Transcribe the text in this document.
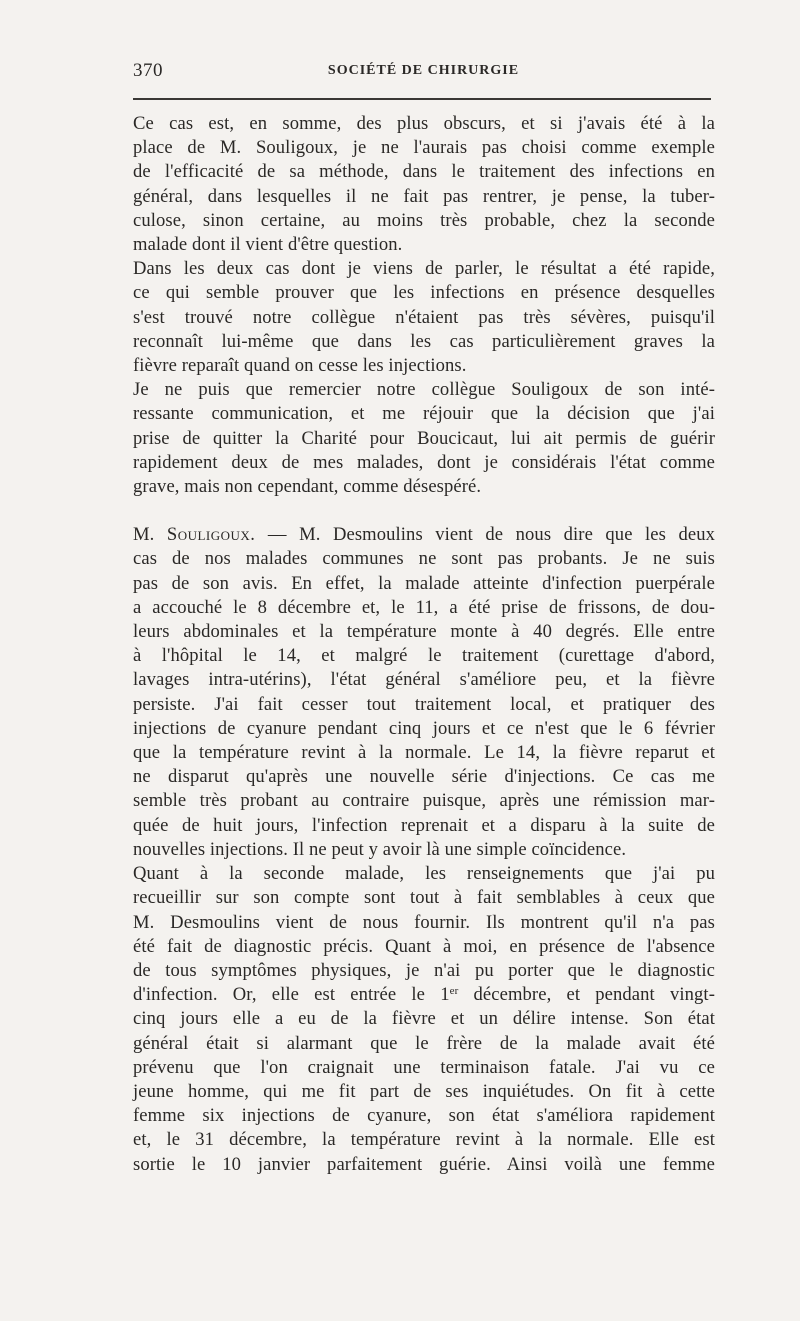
370	SOCIÉTÉ DE CHIRURGIE

Ce cas est, en somme, des plus obscurs, et si j'avais été à la
place de M. Souligoux, je ne l'aurais pas choisi comme exemple
de l'efficacité de sa méthode, dans le traitement des infections en
général, dans lesquelles il ne fait pas rentrer, je pense, la tuber-
culose, sinon certaine, au moins très probable, chez la seconde
malade dont il vient d'être question.

Dans les deux cas dont je viens de parler, le résultat a été rapide,
ce qui semble prouver que les infections en présence desquelles
s'est trouvé notre collègue n'étaient pas très sévères, puisqu'il
reconnaît lui-même que dans les cas particulièrement graves la
fièvre reparaît quand on cesse les injections.

Je ne puis que remercier notre collègue Souligoux de son inté-
ressante communication, et me réjouir que la décision que j'ai
prise de quitter la Charité pour Boucicaut, lui ait permis de guérir
rapidement deux de mes malades, dont je considérais l'état comme
grave, mais non cependant, comme désespéré.

M. Souligoux. — M. Desmoulins vient de nous dire que les deux
cas de nos malades communes ne sont pas probants. Je ne suis
pas de son avis. En effet, la malade atteinte d'infection puerpérale
a accouché le 8 décembre et, le 11, a été prise de frissons, de dou-
leurs abdominales et la température monte à 40 degrés. Elle entre
à l'hôpital le 14, et malgré le traitement (curettage d'abord,
lavages intra-utérins), l'état général s'améliore peu, et la fièvre
persiste. J'ai fait cesser tout traitement local, et pratiquer des
injections de cyanure pendant cinq jours et ce n'est que le 6 février
que la température revint à la normale. Le 14, la fièvre reparut et
ne disparut qu'après une nouvelle série d'injections. Ce cas me
semble très probant au contraire puisque, après une rémission mar-
quée de huit jours, l'infection reprenait et a disparu à la suite de
nouvelles injections. Il ne peut y avoir là une simple coïncidence.

Quant à la seconde malade, les renseignements que j'ai pu
recueillir sur son compte sont tout à fait semblables à ceux que
M. Desmoulins vient de nous fournir. Ils montrent qu'il n'a pas
été fait de diagnostic précis. Quant à moi, en présence de l'absence
de tous symptômes physiques, je n'ai pu porter que le diagnostic
d'infection. Or, elle est entrée le 1er décembre, et pendant vingt-
cinq jours elle a eu de la fièvre et un délire intense. Son état
général était si alarmant que le frère de la malade avait été
prévenu que l'on craignait une terminaison fatale. J'ai vu ce
jeune homme, qui me fit part de ses inquiétudes. On fit à cette
femme six injections de cyanure, son état s'améliora rapidement
et, le 31 décembre, la température revint à la normale. Elle est
sortie le 10 janvier parfaitement guérie. Ainsi voilà une femme
